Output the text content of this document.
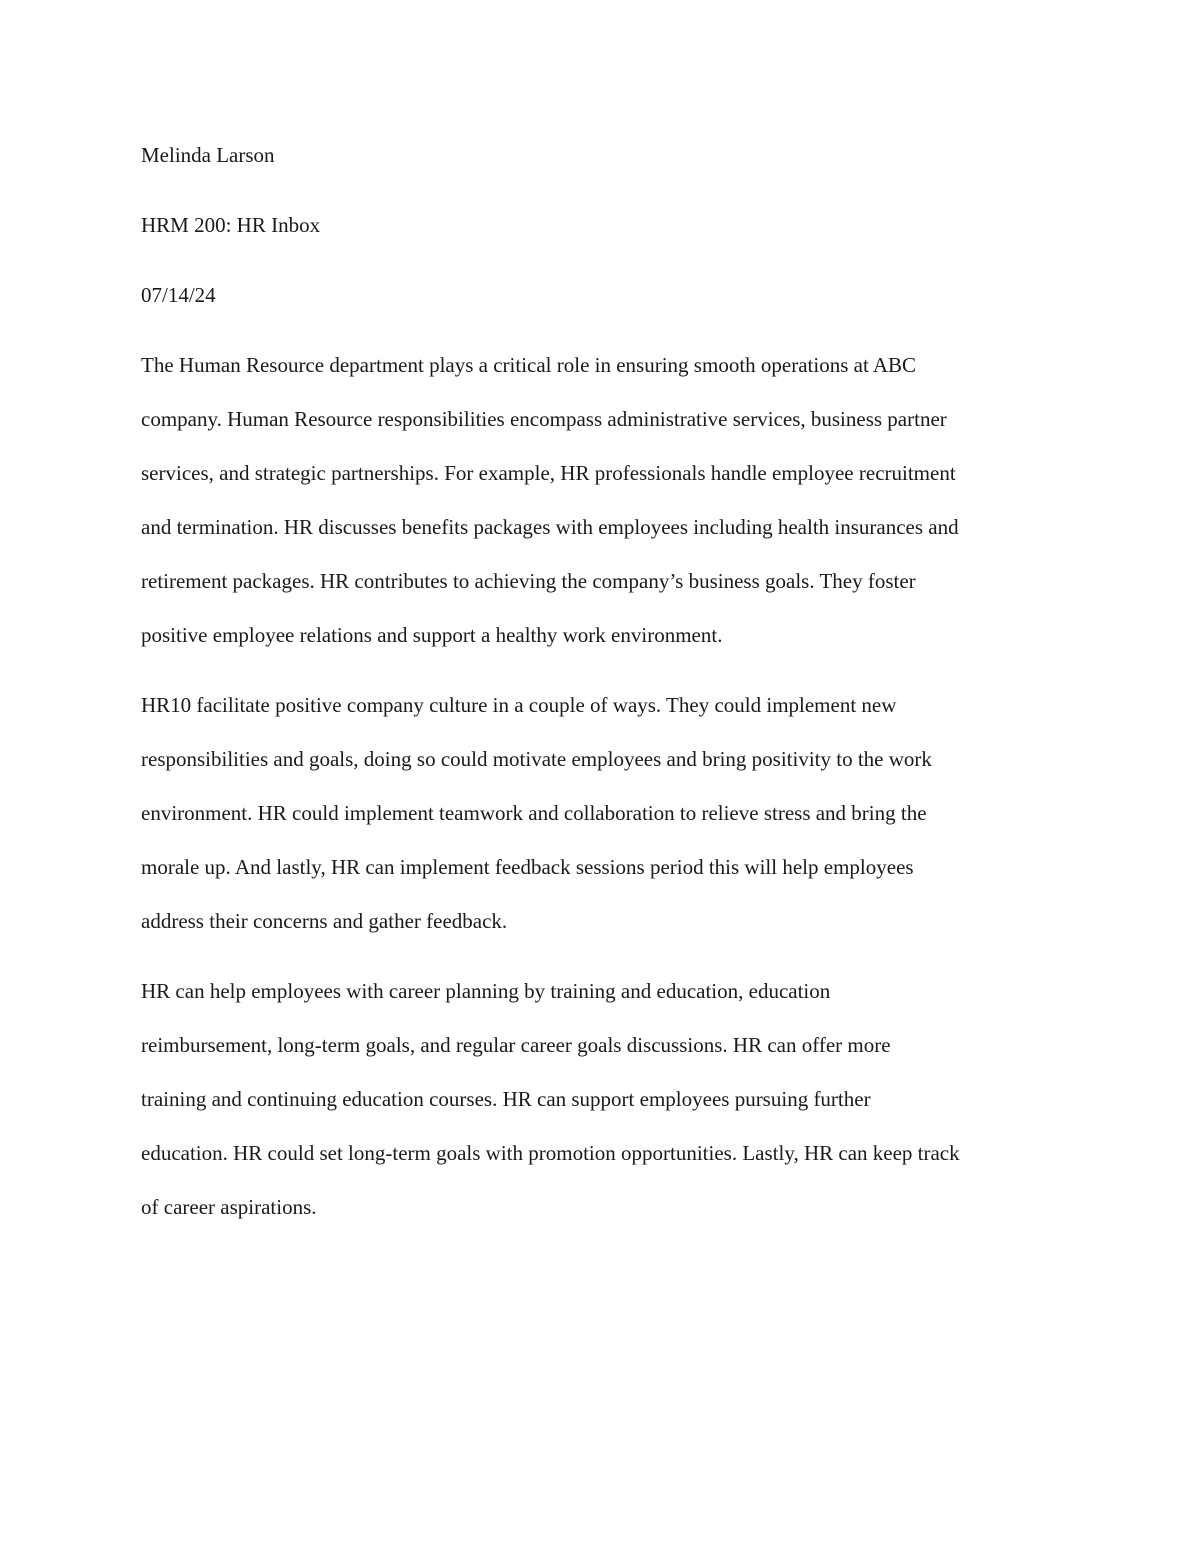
Melinda Larson
HRM 200: HR Inbox
07/14/24
The Human Resource department plays a critical role in ensuring smooth operations at ABC
company. Human Resource responsibilities encompass administrative services, business partner
services, and strategic partnerships. For example, HR professionals handle employee recruitment
and termination. HR discusses benefits packages with employees including health insurances and
retirement packages. HR contributes to achieving the company’s business goals. They foster
positive employee relations and support a healthy work environment.
HR10 facilitate positive company culture in a couple of ways. They could implement new
responsibilities and goals, doing so could motivate employees and bring positivity to the work
environment. HR could implement teamwork and collaboration to relieve stress and bring the
morale up. And lastly, HR can implement feedback sessions period this will help employees
address their concerns and gather feedback.
HR can help employees with career planning by training and education, education
reimbursement, long-term goals, and regular career goals discussions. HR can offer more
training and continuing education courses. HR can support employees pursuing further
education. HR could set long-term goals with promotion opportunities. Lastly, HR can keep track
of career aspirations.
